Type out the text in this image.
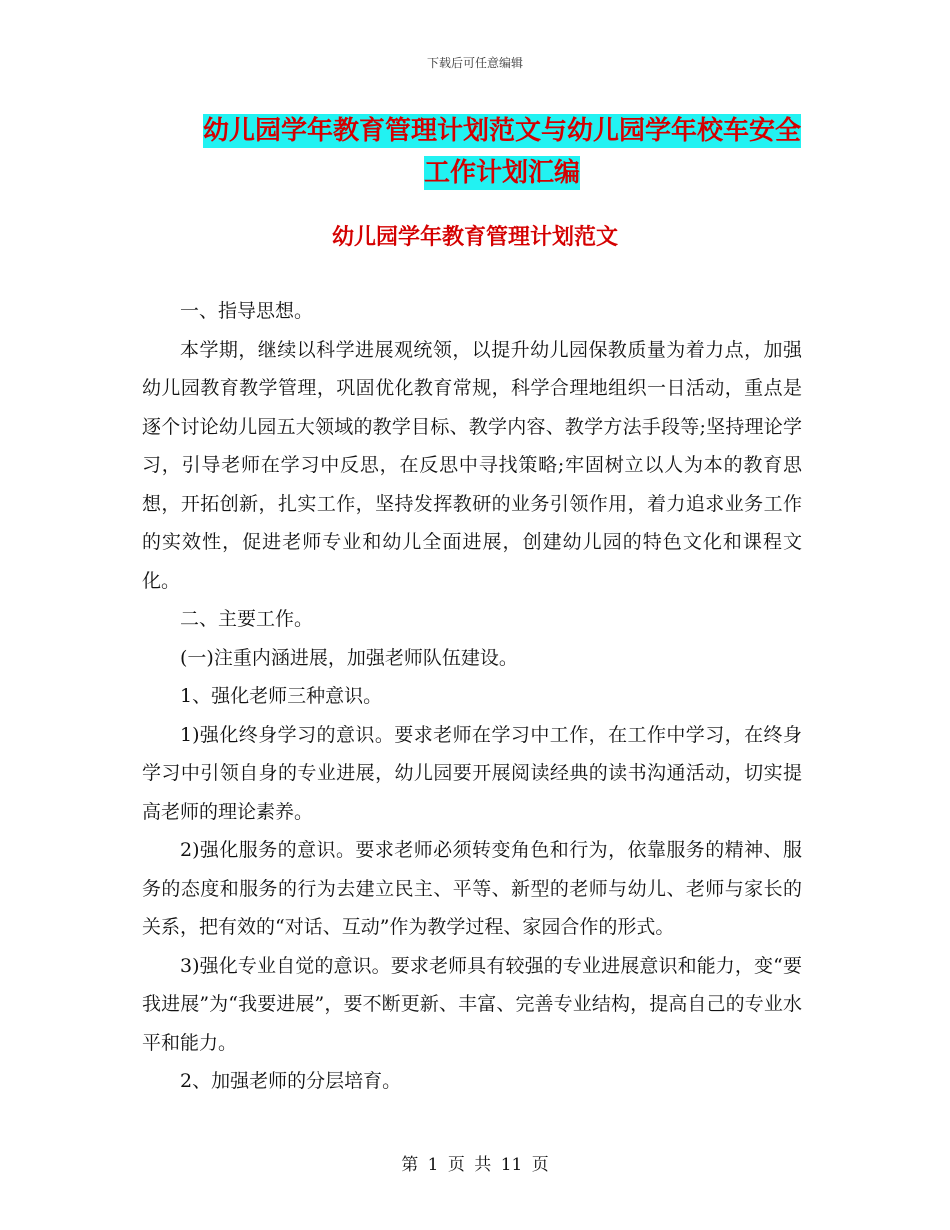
下载后可任意编辑
幼儿园学年教育管理计划范文与幼儿园学年校车安全工作计划汇编
幼儿园学年教育管理计划范文

一、指导思想。

本学期，继续以科学进展观统领，以提升幼儿园保教质量为着力点，加强幼儿园教育教学管理，巩固优化教育常规，科学合理地组织一日活动，重点是逐个讨论幼儿园五大领域的教学目标、教学内容、教学方法手段等;坚持理论学习，引导老师在学习中反思，在反思中寻找策略;牢固树立以人为本的教育思想，开拓创新，扎实工作，坚持发挥教研的业务引领作用，着力追求业务工作的实效性，促进老师专业和幼儿全面进展，创建幼儿园的特色文化和课程文化。

二、主要工作。

(一)注重内涵进展，加强老师队伍建设。

1、强化老师三种意识。

1)强化终身学习的意识。要求老师在学习中工作，在工作中学习，在终身学习中引领自身的专业进展，幼儿园要开展阅读经典的读书沟通活动，切实提高老师的理论素养。

2)强化服务的意识。要求老师必须转变角色和行为，依靠服务的精神、服务的态度和服务的行为去建立民主、平等、新型的老师与幼儿、老师与家长的关系，把有效的“对话、互动”作为教学过程、家园合作的形式。

3)强化专业自觉的意识。要求老师具有较强的专业进展意识和能力，变“要我进展”为“我要进展”，要不断更新、丰富、完善专业结构，提高自己的专业水平和能力。

2、加强老师的分层培育。

第 1 页 共 11 页
